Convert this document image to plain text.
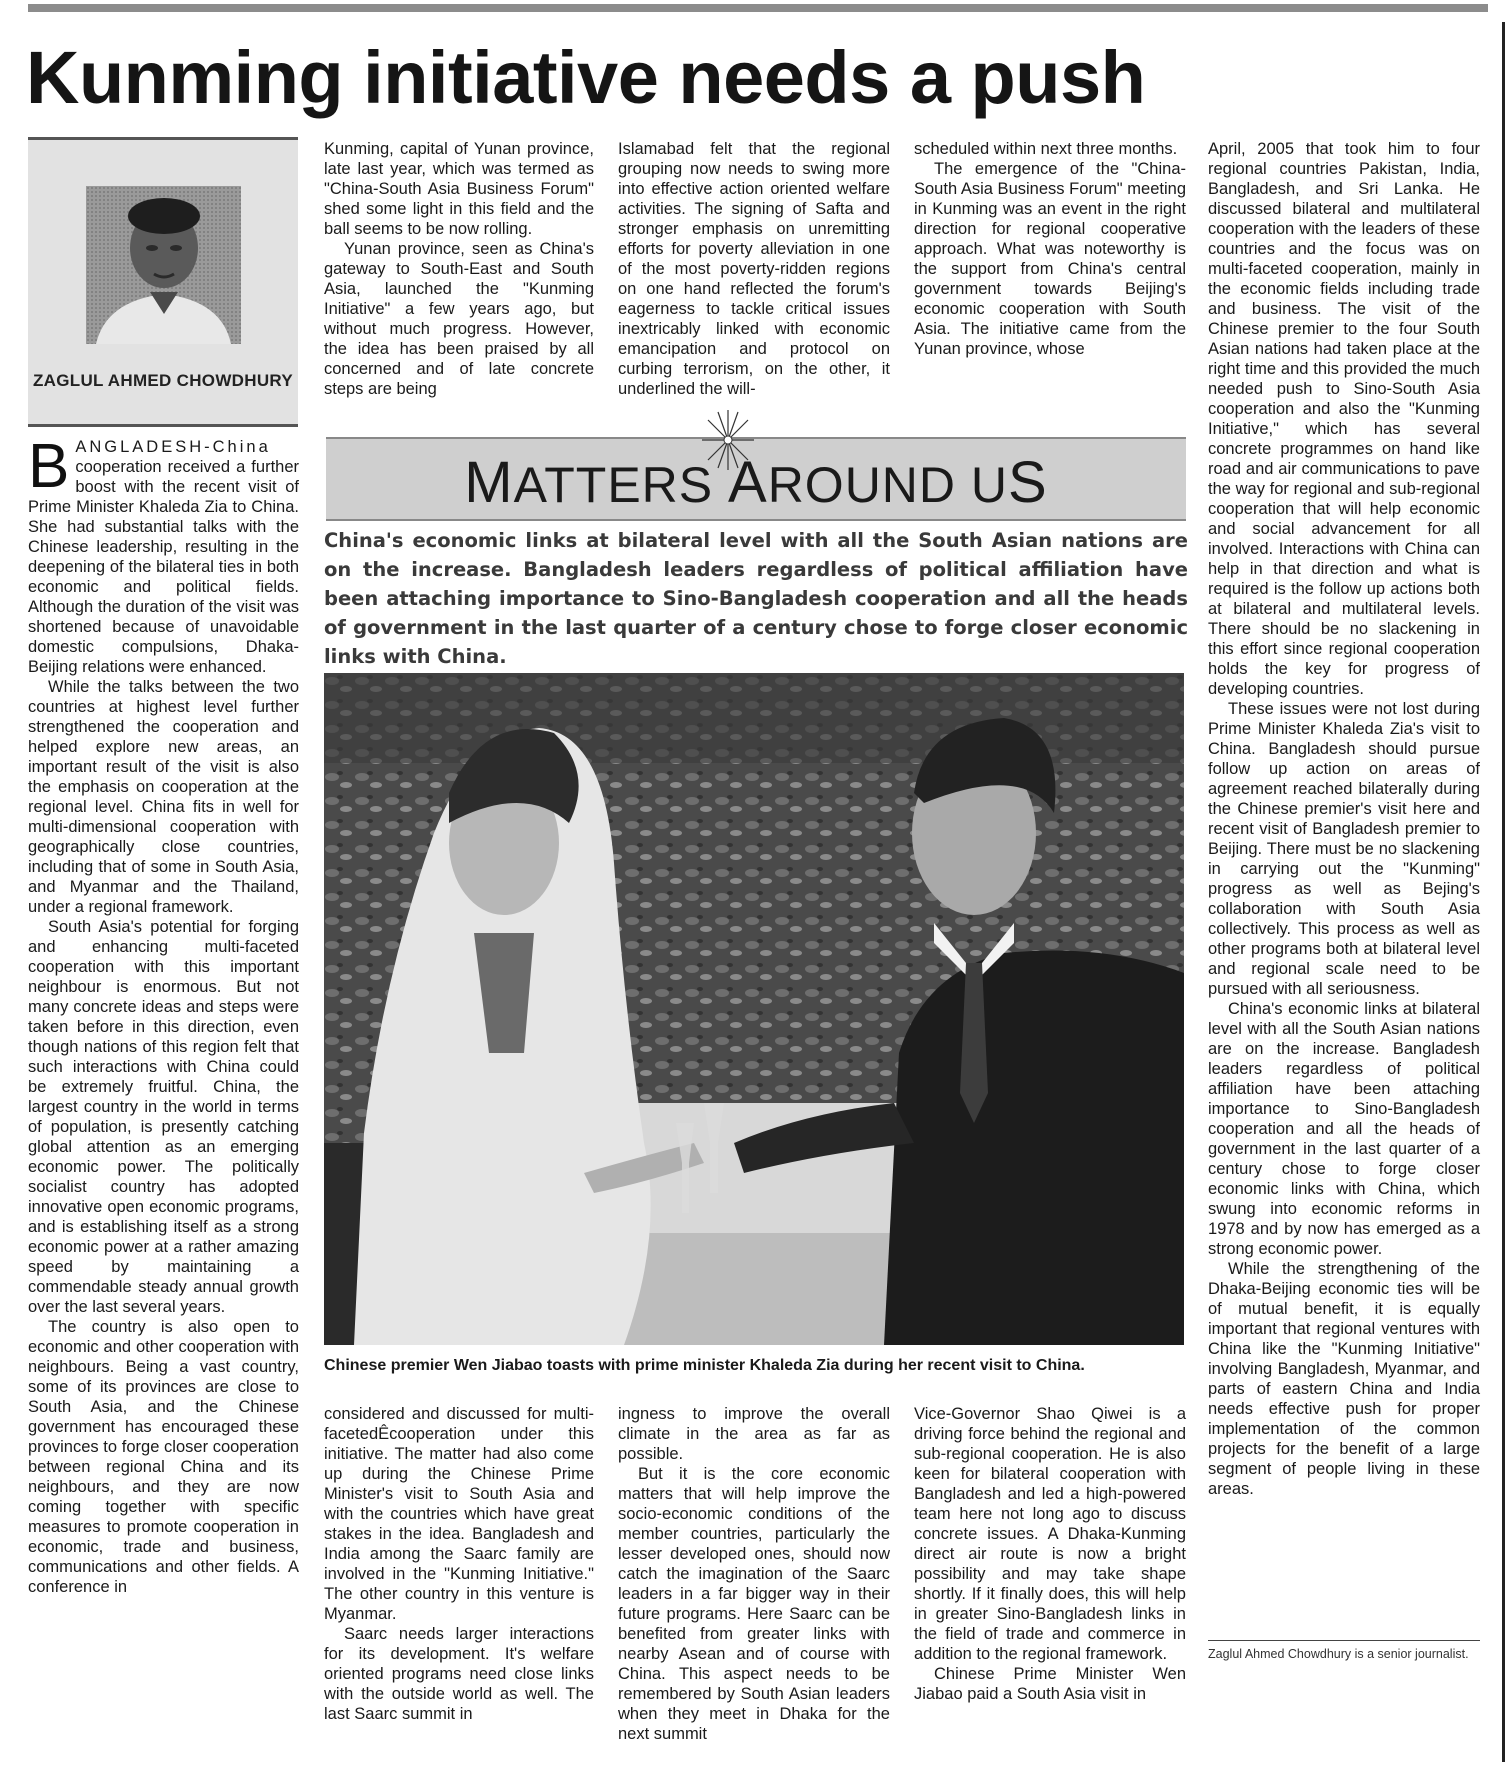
Kunming initiative needs a push
ZAGLUL AHMED CHOWDHURY

BANGLADESH-China cooperation received a further boost with the recent visit of Prime Minister Khaleda Zia to China. She had substantial talks with the Chinese leadership, resulting in the deepening of the bilateral ties in both economic and political fields. Although the duration of the visit was shortened because of unavoidable domestic compulsions, Dhaka-Beijing relations were enhanced.

While the talks between the two countries at highest level further strengthened the cooperation and helped explore new areas, an important result of the visit is also the emphasis on cooperation at the regional level. China fits in well for multi-dimensional cooperation with geographically close countries, including that of some in South Asia, and Myanmar and the Thailand, under a regional framework.

South Asia's potential for forging and enhancing multi-faceted cooperation with this important neighbour is enormous. But not many concrete ideas and steps were taken before in this direction, even though nations of this region felt that such interactions with China could be extremely fruitful. China, the largest country in the world in terms of population, is presently catching global attention as an emerging economic power. The politically socialist country has adopted innovative open economic programs, and is establishing itself as a strong economic power at a rather amazing speed by maintaining a commendable steady annual growth over the last several years.

The country is also open to economic and other cooperation with neighbours. Being a vast country, some of its provinces are close to South Asia, and the Chinese government has encouraged these provinces to forge closer cooperation between regional China and its neighbours, and they are now coming together with specific measures to promote cooperation in economic, trade and business, communications and other fields. A conference in

Kunming, capital of Yunan province, late last year, which was termed as "China-South Asia Business Forum" shed some light in this field and the ball seems to be now rolling.

Yunan province, seen as China's gateway to South-East and South Asia, launched the "Kunming Initiative" a few years ago, but without much progress. However, the idea has been praised by all concerned and of late concrete steps are being

Islamabad felt that the regional grouping now needs to swing more into effective action oriented welfare activities. The signing of Safta and stronger emphasis on unremitting efforts for poverty alleviation in one of the most poverty-ridden regions on one hand reflected the forum's eagerness to tackle critical issues inextricably linked with economic emancipation and protocol on curbing terrorism, on the other, it underlined the will-

scheduled within next three months.

The emergence of the "China-South Asia Business Forum" meeting in Kunming was an event in the right direction for regional cooperative approach. What was noteworthy is the support from China's central government towards Beijing's economic cooperation with South Asia. The initiative came from the Yunan province, whose

MATTERS AROUND US
China's economic links at bilateral level with all the South Asian nations are on the increase. Bangladesh leaders regardless of political affiliation have been attaching importance to Sino-Bangladesh cooperation and all the heads of government in the last quarter of a century chose to forge closer economic links with China.
Chinese premier Wen Jiabao toasts with prime minister Khaleda Zia during her recent visit to China.

considered and discussed for multi-facetedÊcooperation under this initiative. The matter had also come up during the Chinese Prime Minister's visit to South Asia and with the countries which have great stakes in the idea. Bangladesh and India among the Saarc family are involved in the "Kunming Initiative." The other country in this venture is Myanmar.

Saarc needs larger interactions for its development. It's welfare oriented programs need close links with the outside world as well. The last Saarc summit in

ingness to improve the overall climate in the area as far as possible.

But it is the core economic matters that will help improve the socio-economic conditions of the member countries, particularly the lesser developed ones, should now catch the imagination of the Saarc leaders in a far bigger way in their future programs. Here Saarc can be benefited from greater links with nearby Asean and of course with China. This aspect needs to be remembered by South Asian leaders when they meet in Dhaka for the next summit

Vice-Governor Shao Qiwei is a driving force behind the regional and sub-regional cooperation. He is also keen for bilateral cooperation with Bangladesh and led a high-powered team here not long ago to discuss concrete issues. A Dhaka-Kunming direct air route is now a bright possibility and may take shape shortly. If it finally does, this will help in greater Sino-Bangladesh links in the field of trade and commerce in addition to the regional framework.

Chinese Prime Minister Wen Jiabao paid a South Asia visit in

April, 2005 that took him to four regional countries Pakistan, India, Bangladesh, and Sri Lanka. He discussed bilateral and multilateral cooperation with the leaders of these countries and the focus was on multi-faceted cooperation, mainly in the economic fields including trade and business. The visit of the Chinese premier to the four South Asian nations had taken place at the right time and this provided the much needed push to Sino-South Asia cooperation and also the "Kunming Initiative," which has several concrete programmes on hand like road and air communications to pave the way for regional and sub-regional cooperation that will help economic and social advancement for all involved. Interactions with China can help in that direction and what is required is the follow up actions both at bilateral and multilateral levels. There should be no slackening in this effort since regional cooperation holds the key for progress of developing countries.

These issues were not lost during Prime Minister Khaleda Zia's visit to China. Bangladesh should pursue follow up action on areas of agreement reached bilaterally during the Chinese premier's visit here and recent visit of Bangladesh premier to Beijing. There must be no slackening in carrying out the "Kunming" progress as well as Bejing's collaboration with South Asia collectively. This process as well as other programs both at bilateral level and regional scale need to be pursued with all seriousness.

China's economic links at bilateral level with all the South Asian nations are on the increase. Bangladesh leaders regardless of political affiliation have been attaching importance to Sino-Bangladesh cooperation and all the heads of government in the last quarter of a century chose to forge closer economic links with China, which swung into economic reforms in 1978 and by now has emerged as a strong economic power.

While the strengthening of the Dhaka-Beijing economic ties will be of mutual benefit, it is equally important that regional ventures with China like the "Kunming Initiative" involving Bangladesh, Myanmar, and parts of eastern China and India needs effective push for proper implementation of the common projects for the benefit of a large segment of people living in these areas.

Zaglul Ahmed Chowdhury is a senior journalist.
